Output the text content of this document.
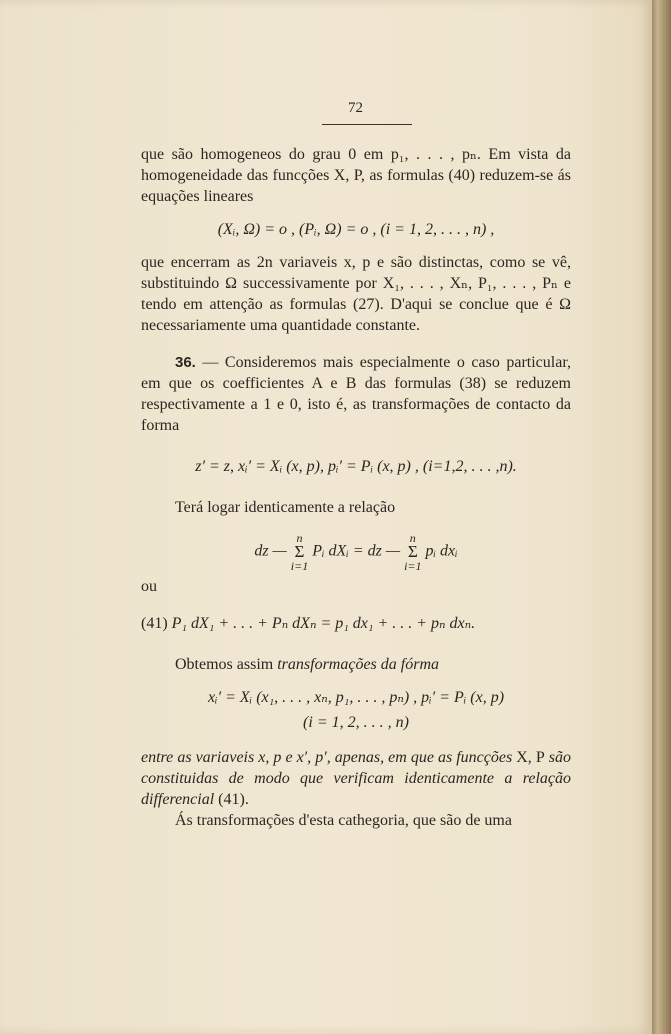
72

que são homogeneos do grau 0 em p₁, . . . , pₙ. Em vista da homogeneidade das funcções X, P, as formulas (40) reduzem-se ás equações lineares

(Xᵢ, Ω) = o , (Pᵢ, Ω) = o , (i = 1, 2, . . . , n) ,

que encerram as 2n variaveis x, p e são distinctas, como se vê, substituindo Ω successivamente por X₁, . . . , Xₙ, P₁, . . . , Pₙ e tendo em attenção as formulas (27). D'aqui se conclue que é Ω necessariamente uma quantidade constante.

36. — Consideremos mais especialmente o caso particular, em que os coefficientes A e B das formulas (38) se reduzem respectivamente a 1 e 0, isto é, as transformações de contacto da forma

z′ = z, xᵢ′ = Xᵢ (x, p), pᵢ′ = Pᵢ (x, p) , (i=1,2, . . . ,n).

Terá logar identicamente a relação

dz — n
Σ
i=1 Pᵢ dXᵢ = dz — n
Σ
i=1 pᵢ dxᵢ

ou

(41) P₁ dX₁ + . . . + Pₙ dXₙ = p₁ dx₁ + . . . + pₙ dxₙ.

Obtemos assim transformações da fórma

xᵢ′ = Xᵢ (x₁, . . . , xₙ, p₁, . . . , pₙ) , pᵢ′ = Pᵢ (x, p)
(i = 1, 2, . . . , n)

entre as variaveis x, p e x′, p′, apenas, em que as funcções X, P são constituidas de modo que verificam identicamente a relação differencial (41).

Ás transformações d'esta cathegoria, que são de uma
